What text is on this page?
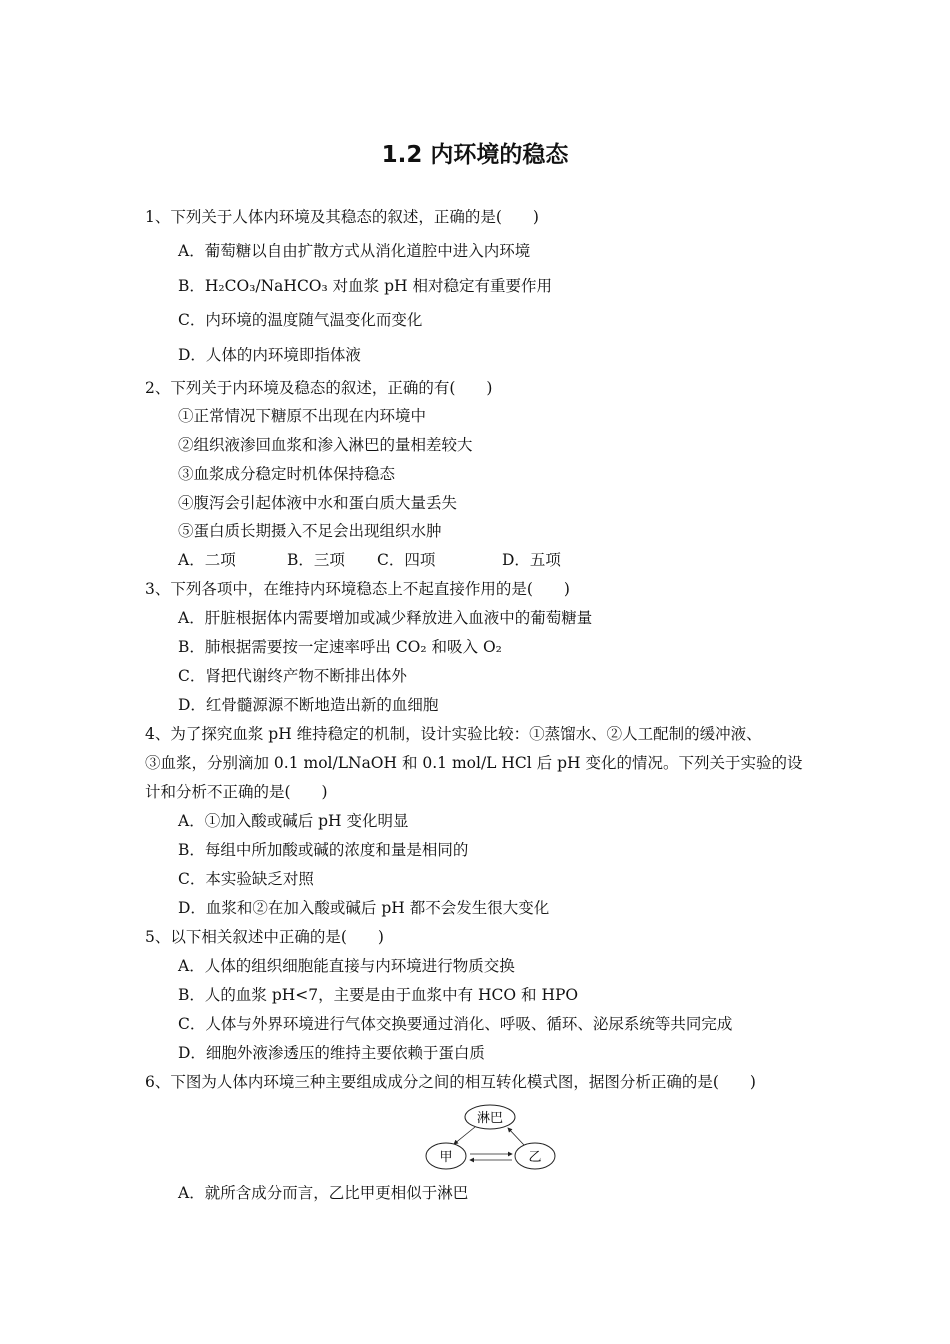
1.2 内环境的稳态
1、下列关于人体内环境及其稳态的叙述，正确的是(　　)
A．葡萄糖以自由扩散方式从消化道腔中进入内环境
B．H₂CO₃/NaHCO₃ 对血浆 pH 相对稳定有重要作用
C．内环境的温度随气温变化而变化
D．人体的内环境即指体液
2、下列关于内环境及稳态的叙述，正确的有(　　)
①正常情况下糖原不出现在内环境中
②组织液渗回血浆和渗入淋巴的量相差较大
③血浆成分稳定时机体保持稳态
④腹泻会引起体液中水和蛋白质大量丢失
⑤蛋白质长期摄入不足会出现组织水肿
A．二项	B．三项 C．四项	D．五项
3、下列各项中，在维持内环境稳态上不起直接作用的是(　　)
A．肝脏根据体内需要增加或减少释放进入血液中的葡萄糖量
B．肺根据需要按一定速率呼出 CO₂ 和吸入 O₂
C．肾把代谢终产物不断排出体外
D．红骨髓源源不断地造出新的血细胞
4、为了探究血浆 pH 维持稳定的机制，设计实验比较：①蒸馏水、②人工配制的缓冲液、
③血浆，分别滴加 0.1 mol/LNaOH 和 0.1 mol/L HCl 后 pH 变化的情况。下列关于实验的设
计和分析不正确的是(　　)
A．①加入酸或碱后 pH 变化明显
B．每组中所加酸或碱的浓度和量是相同的
C．本实验缺乏对照
D．血浆和②在加入酸或碱后 pH 都不会发生很大变化
5、以下相关叙述中正确的是(　　)
A．人体的组织细胞能直接与内环境进行物质交换
B．人的血浆 pH<7，主要是由于血浆中有 HCO 和 HPO
C．人体与外界环境进行气体交换要通过消化、呼吸、循环、泌尿系统等共同完成
D．细胞外液渗透压的维持主要依赖于蛋白质
6、下图为人体内环境三种主要组成成分之间的相互转化模式图，据图分析正确的是(　　)
淋巴
甲	乙
A．就所含成分而言，乙比甲更相似于淋巴
